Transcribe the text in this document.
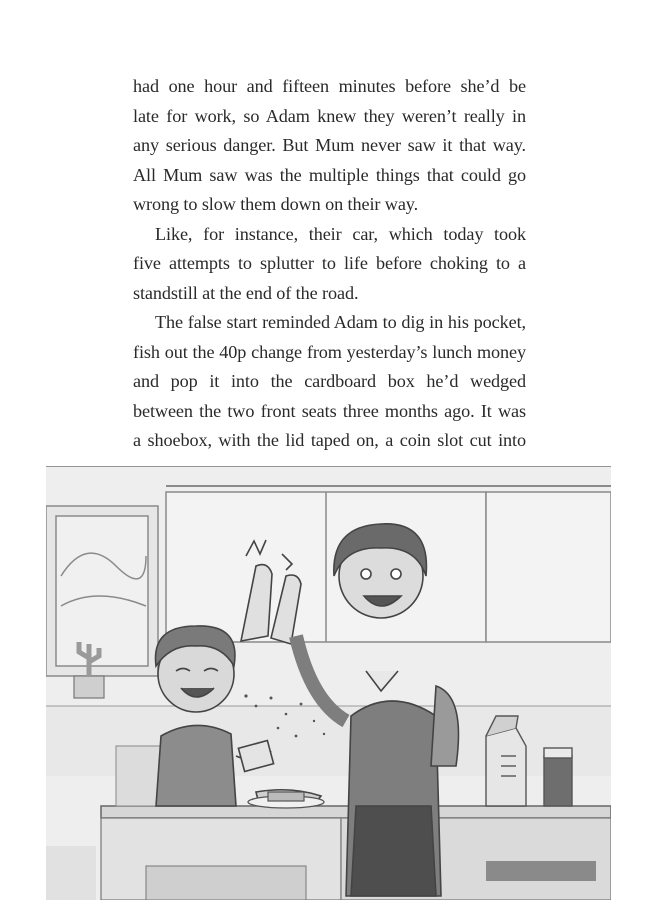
had one hour and fifteen minutes before she’d be
late for work, so Adam knew they weren’t really in
any serious danger. But Mum never saw it that way.
All Mum saw was the multiple things that could go
wrong to slow them down on their way.

Like, for instance, their car, which today took
five attempts to splutter to life before choking to a
standstill at the end of the road.

The false start reminded Adam to dig in his pocket,
fish out the 40p change from yesterday’s lunch money
and pop it into the cardboard box he’d wedged
between the two front seats three months ago. It was
a shoebox, with the lid taped on, a coin slot cut into
